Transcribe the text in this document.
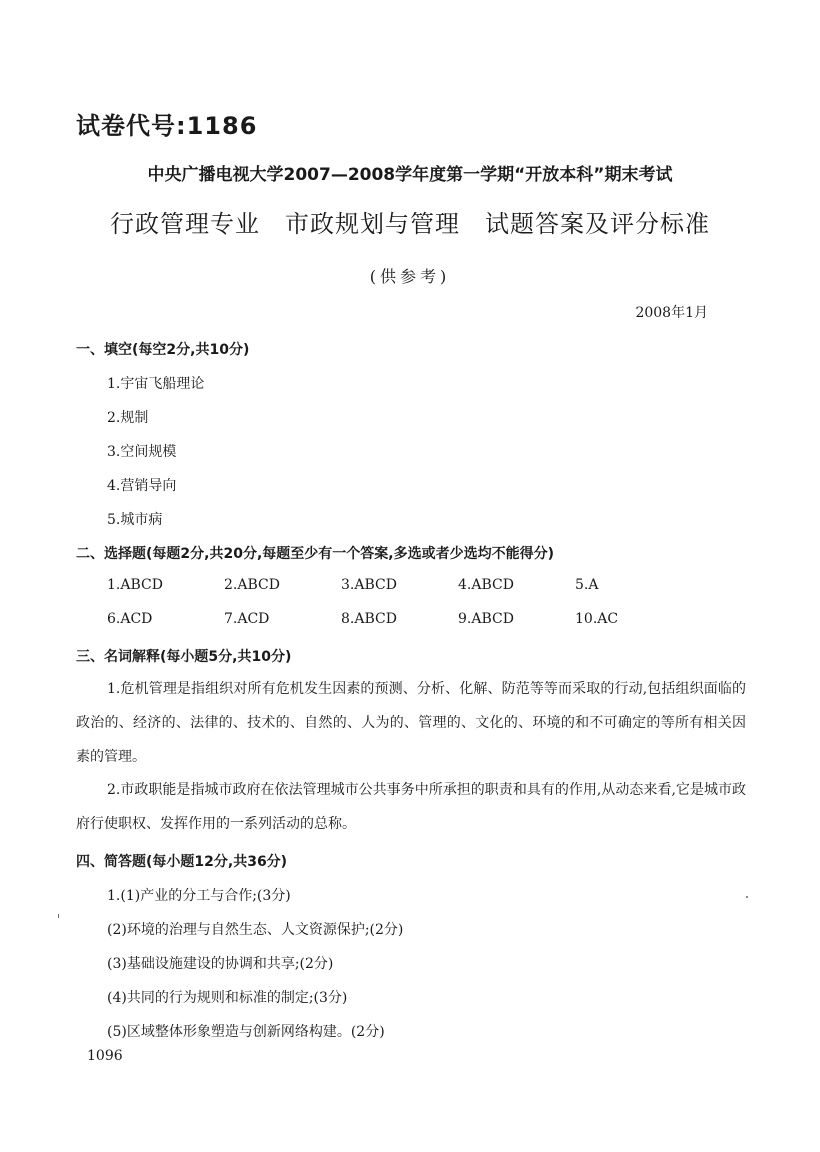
试卷代号:1186
中央广播电视大学2007—2008学年度第一学期“开放本科”期末考试
行政管理专业　市政规划与管理　试题答案及评分标准
(供参考)
2008年1月
一、填空(每空2分,共10分)
1.宇宙飞船理论
2.规制
3.空间规模
4.营销导向
5.城市病
二、选择题(每题2分,共20分,每题至少有一个答案,多选或者少选均不能得分)
1.ABCD	2.ABCD	3.ABCD	4.ABCD	5.A
6.ACD	7.ACD	8.ABCD	9.ABCD	10.AC
三、名词解释(每小题5分,共10分)
1.危机管理是指组织对所有危机发生因素的预测、分析、化解、防范等等而采取的行动,包括组织面临的政治的、经济的、法律的、技术的、自然的、人为的、管理的、文化的、环境的和不可确定的等所有相关因素的管理。
2.市政职能是指城市政府在依法管理城市公共事务中所承担的职责和具有的作用,从动态来看,它是城市政府行使职权、发挥作用的一系列活动的总称。
四、简答题(每小题12分,共36分)
1.(1)产业的分工与合作;(3分)
(2)环境的治理与自然生态、人文资源保护;(2分)
(3)基础设施建设的协调和共享;(2分)
(4)共同的行为规则和标准的制定;(3分)
(5)区域整体形象塑造与创新网络构建。(2分)
1096
